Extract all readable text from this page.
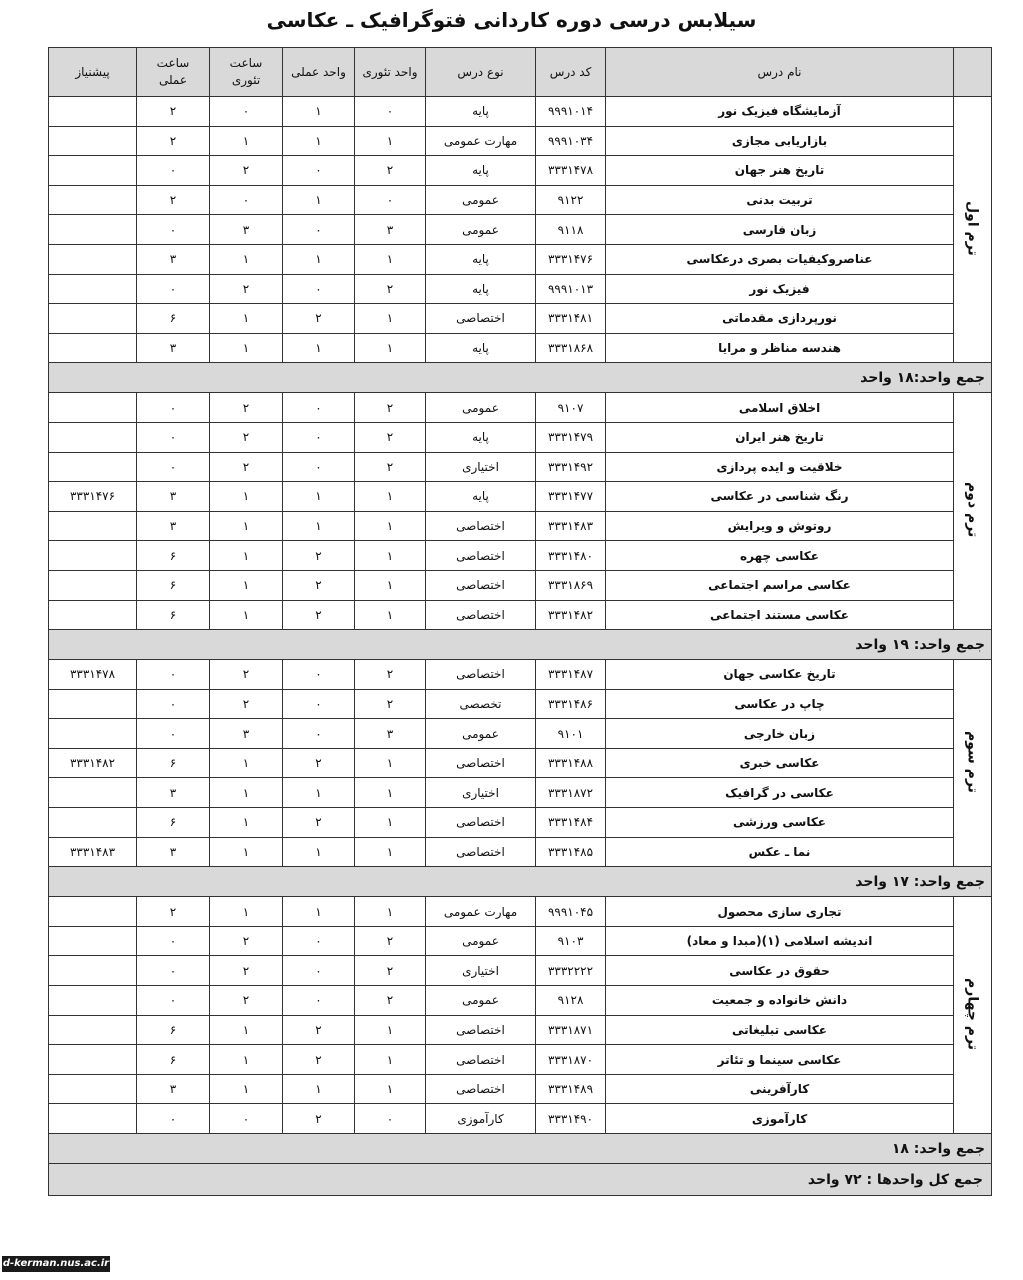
سیلابس درسی دوره کاردانی فتوگرافیک ـ عکاسی
	نام درس	کد درس	نوع درس	واحد تئوری	واحد عملی	ساعت تئوری	ساعت عملی	پیشنیاز
ترم اول	آزمایشگاه فیزیک نور	۹۹۹۱۰۱۴	پایه	۰	۱	۰	۲	
	بازاریابی مجازی	۹۹۹۱۰۳۴	مهارت عمومی	۱	۱	۱	۲	
	تاریخ هنر جهان	۳۳۳۱۴۷۸	پایه	۲	۰	۲	۰	
	تربیت بدنی	۹۱۲۲	عمومی	۰	۱	۰	۲	
	زبان فارسی	۹۱۱۸	عمومی	۳	۰	۳	۰	
	عناصروکیفیات بصری درعکاسی	۳۳۳۱۴۷۶	پایه	۱	۱	۱	۳	
	فیزیک نور	۹۹۹۱۰۱۳	پایه	۲	۰	۲	۰	
	نورپردازی مقدماتی	۳۳۳۱۴۸۱	اختصاصی	۱	۲	۱	۶	
	هندسه مناظر و مرایا	۳۳۳۱۸۶۸	پایه	۱	۱	۱	۳	
جمع واحد:۱۸ واحد								
ترم دوم	اخلاق اسلامی	۹۱۰۷	عمومی	۲	۰	۲	۰	
	تاریخ هنر ایران	۳۳۳۱۴۷۹	پایه	۲	۰	۲	۰	
	خلاقیت و ایده پردازی	۳۳۳۱۴۹۲	اختیاری	۲	۰	۲	۰	
	رنگ شناسی در عکاسی	۳۳۳۱۴۷۷	پایه	۱	۱	۱	۳	۳۳۳۱۴۷۶
	روتوش و ویرایش	۳۳۳۱۴۸۳	اختصاصی	۱	۱	۱	۳	
	عکاسی چهره	۳۳۳۱۴۸۰	اختصاصی	۱	۲	۱	۶	
	عکاسی مراسم اجتماعی	۳۳۳۱۸۶۹	اختصاصی	۱	۲	۱	۶	
	عکاسی مستند اجتماعی	۳۳۳۱۴۸۲	اختصاصی	۱	۲	۱	۶	
جمع واحد: ۱۹ واحد								
ترم سوم	تاریخ عکاسی جهان	۳۳۳۱۴۸۷	اختصاصی	۲	۰	۲	۰	۳۳۳۱۴۷۸
	چاپ در عکاسی	۳۳۳۱۴۸۶	تخصصی	۲	۰	۲	۰	
	زبان خارجی	۹۱۰۱	عمومی	۳	۰	۳	۰	
	عکاسی خبری	۳۳۳۱۴۸۸	اختصاصی	۱	۲	۱	۶	۳۳۳۱۴۸۲
	عکاسی در گرافیک	۳۳۳۱۸۷۲	اختیاری	۱	۱	۱	۳	
	عکاسی ورزشی	۳۳۳۱۴۸۴	اختصاصی	۱	۲	۱	۶	
	نما ـ عکس	۳۳۳۱۴۸۵	اختصاصی	۱	۱	۱	۳	۳۳۳۱۴۸۳
جمع واحد: ۱۷ واحد								
ترم چهارم	تجاری سازی محصول	۹۹۹۱۰۴۵	مهارت عمومی	۱	۱	۱	۲	
	اندیشه اسلامی (۱)(مبدا و معاد)	۹۱۰۳	عمومی	۲	۰	۲	۰	
	حقوق در عکاسی	۳۳۳۲۲۲۲	اختیاری	۲	۰	۲	۰	
	دانش خانواده و جمعیت	۹۱۲۸	عمومی	۲	۰	۲	۰	
	عکاسی تبلیغاتی	۳۳۳۱۸۷۱	اختصاصی	۱	۲	۱	۶	
	عکاسی سینما و تئاتر	۳۳۳۱۸۷۰	اختصاصی	۱	۲	۱	۶	
	کارآفرینی	۳۳۳۱۴۸۹	اختصاصی	۱	۱	۱	۳	
	کارآموزی	۳۳۳۱۴۹۰	کارآموزی	۰	۲	۰	۰	
جمع واحد: ۱۸								
جمع کل واحدها : ۷۲ واحد								
d-kerman.nus.ac.ir
